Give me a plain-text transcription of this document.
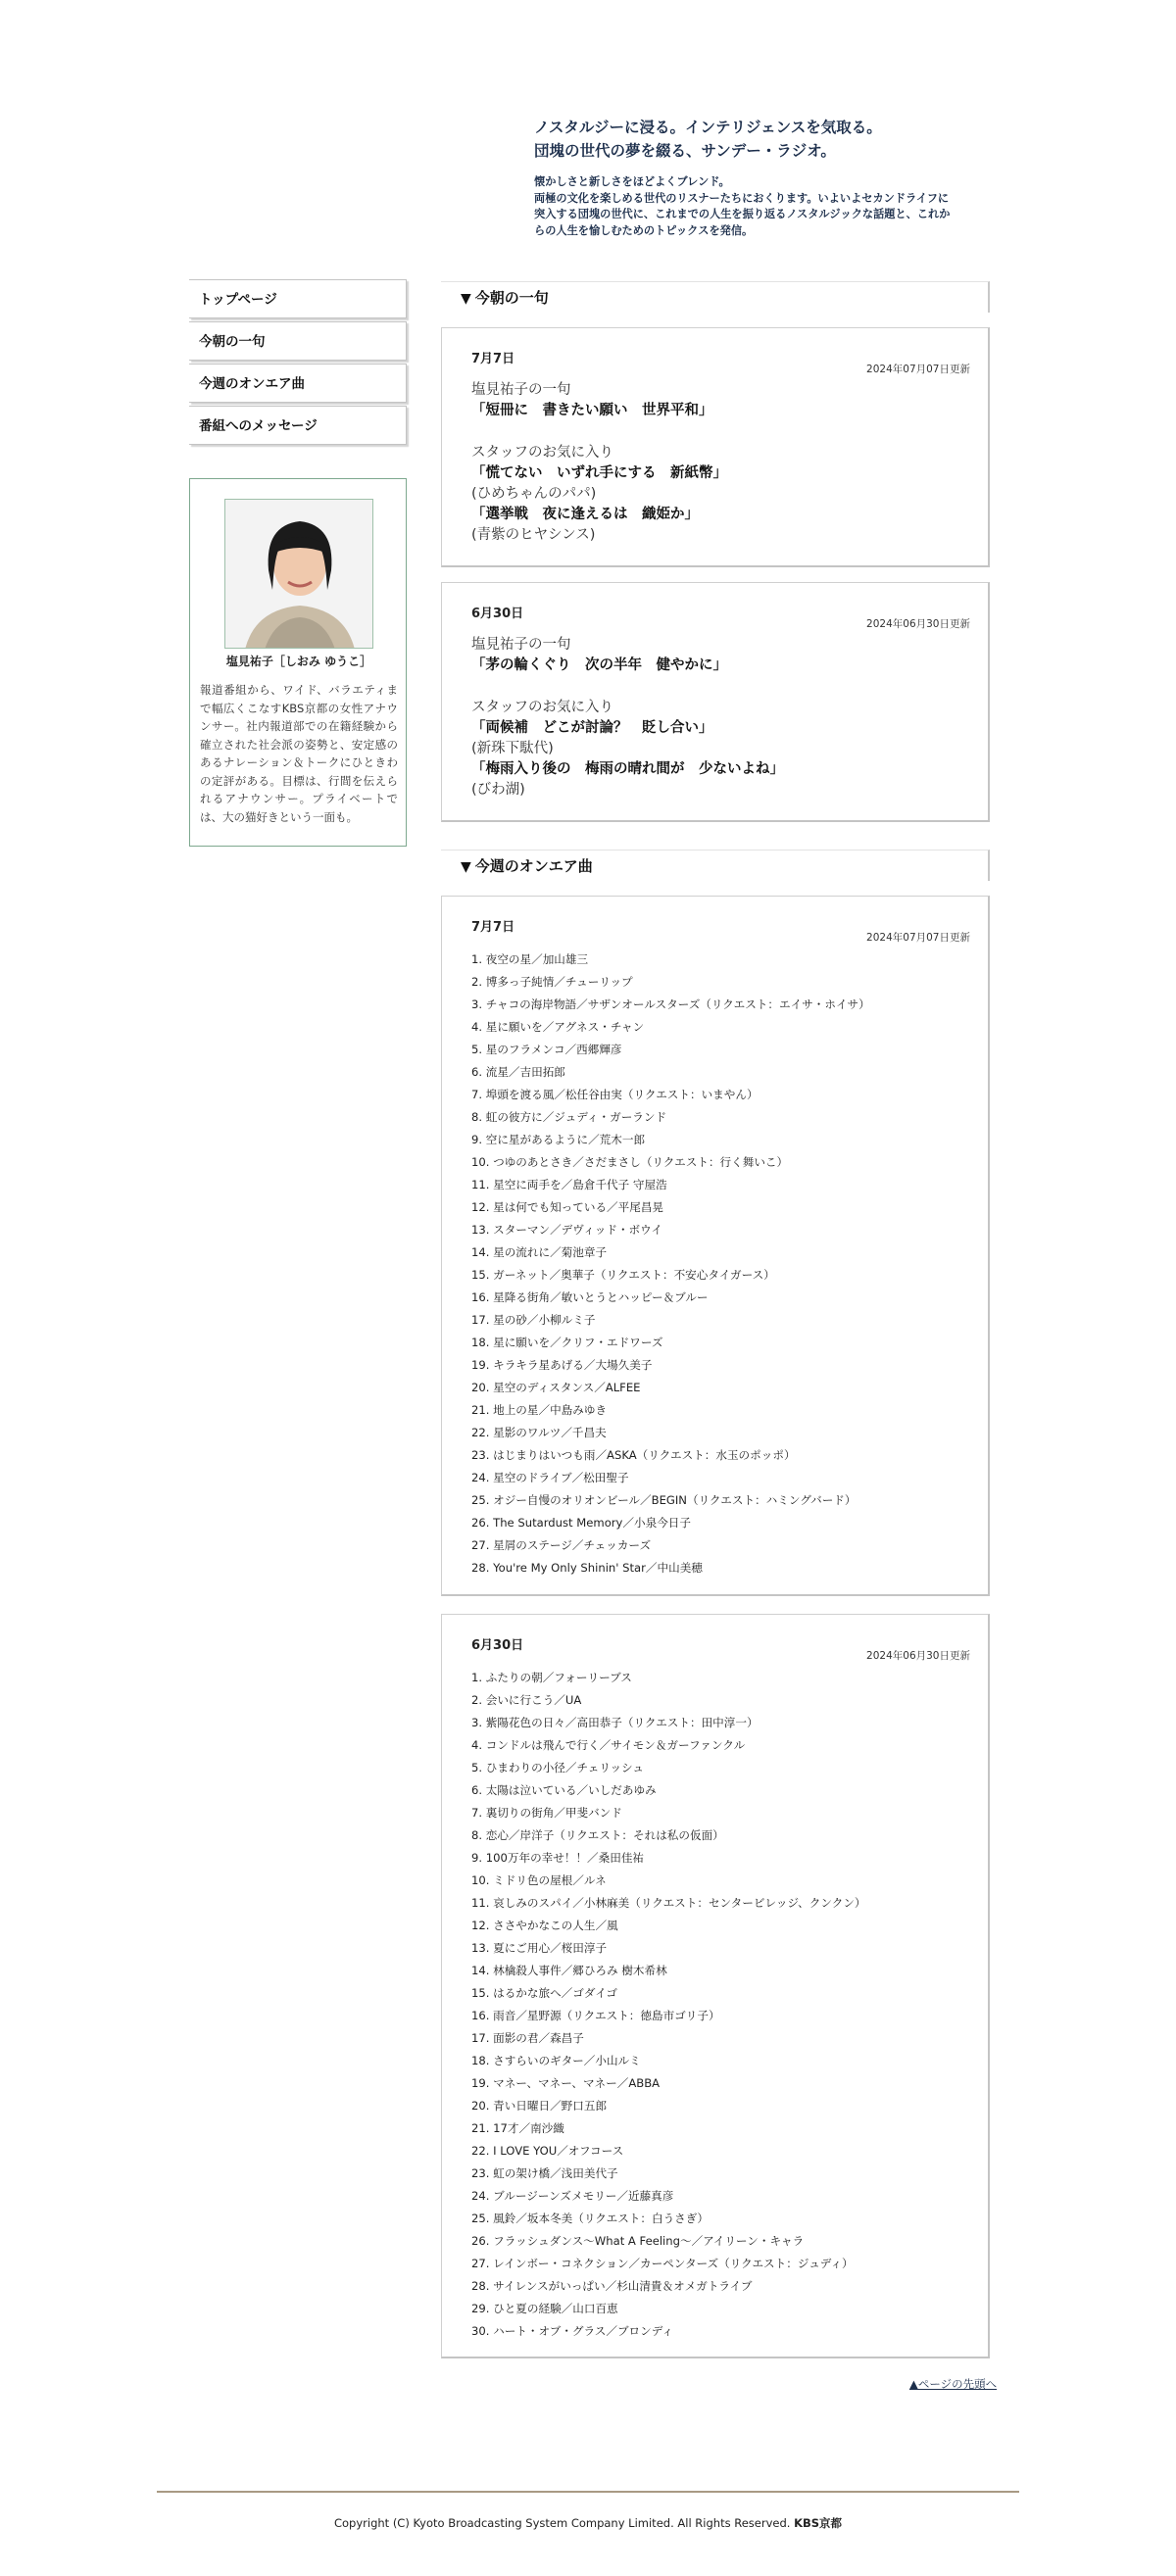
ノスタルジーに浸る。インテリジェンスを気取る。
団塊の世代の夢を綴る、サンデー・ラジオ。
懐かしさと新しさをほどよくブレンド。
両極の文化を楽しめる世代のリスナーたちにおくります。いよいよセカンドライフに
突入する団塊の世代に、これまでの人生を振り返るノスタルジックな話題と、これか
らの人生を愉しむためのトピックスを発信。
トップページ
今朝の一句
今週のオンエア曲
番組へのメッセージ
塩見祐子［しおみ ゆうこ］
報道番組から、ワイド、バラエティまで幅広くこなすKBS京都の女性アナウンサー。社内報道部での在籍経験から確立された社会派の姿勢と、安定感のあるナレーション＆トークにひときわの定評がある。目標は、行間を伝えられるアナウンサー。プライベートでは、大の猫好きという一面も。
▼ 今朝の一句
7月7日
2024年07月07日更新
塩見祐子の一句
「短冊に　書きたい願い　世界平和」
スタッフのお気に入り
「慌てない　いずれ手にする　新紙幣」
(ひめちゃんのパパ)
「選挙戦　夜に逢えるは　織姫か」
(青紫のヒヤシンス)
6月30日
2024年06月30日更新
塩見祐子の一句
「茅の輪くぐり　次の半年　健やかに」
スタッフのお気に入り
「両候補　どこが討論？　貶し合い」
(新珠下駄代)
「梅雨入り後の　梅雨の晴れ間が　少ないよね」
(びわ湖)
▼ 今週のオンエア曲
7月7日
2024年07月07日更新
1. 夜空の星／加山雄三
2. 博多っ子純情／チューリップ
3. チャコの海岸物語／サザンオールスターズ（リクエスト：エイサ・ホイサ）
4. 星に願いを／アグネス・チャン
5. 星のフラメンコ／西郷輝彦
6. 流星／吉田拓郎
7. 埠頭を渡る風／松任谷由実（リクエスト：いまやん）
8. 虹の彼方に／ジュディ・ガーランド
9. 空に星があるように／荒木一郎
10. つゆのあとさき／さだまさし（リクエスト：行く舞いこ）
11. 星空に両手を／島倉千代子 守屋浩
12. 星は何でも知っている／平尾昌晃
13. スターマン／デヴィッド・ボウイ
14. 星の流れに／菊池章子
15. ガーネット／奥華子（リクエスト：不安心タイガース）
16. 星降る街角／敏いとうとハッピー＆ブルー
17. 星の砂／小柳ルミ子
18. 星に願いを／クリフ・エドワーズ
19. キラキラ星あげる／大場久美子
20. 星空のディスタンス／ALFEE
21. 地上の星／中島みゆき
22. 星影のワルツ／千昌夫
23. はじまりはいつも雨／ASKA（リクエスト：水玉のポッポ）
24. 星空のドライブ／松田聖子
25. オジー自慢のオリオンビール／BEGIN（リクエスト：ハミングバード）
26. The Sutardust Memory／小泉今日子
27. 星屑のステージ／チェッカーズ
28. You're My Only Shinin' Star／中山美穂
6月30日
2024年06月30日更新
1. ふたりの朝／フォーリーブス
2. 会いに行こう／UA
3. 紫陽花色の日々／高田恭子（リクエスト：田中淳一）
4. コンドルは飛んで行く／サイモン＆ガーファンクル
5. ひまわりの小径／チェリッシュ
6. 太陽は泣いている／いしだあゆみ
7. 裏切りの街角／甲斐バンド
8. 恋心／岸洋子（リクエスト：それは私の仮面）
9. 100万年の幸せ！！／桑田佳祐
10. ミドリ色の屋根／ルネ
11. 哀しみのスパイ／小林麻美（リクエスト：センタービレッジ、クンクン）
12. ささやかなこの人生／風
13. 夏にご用心／桜田淳子
14. 林檎殺人事件／郷ひろみ 樹木希林
15. はるかな旅へ／ゴダイゴ
16. 雨音／星野源（リクエスト：徳島市ゴリ子）
17. 面影の君／森昌子
18. さすらいのギター／小山ルミ
19. マネー、マネー、マネー／ABBA
20. 青い日曜日／野口五郎
21. 17才／南沙織
22. I LOVE YOU／オフコース
23. 虹の架け橋／浅田美代子
24. ブルージーンズメモリー／近藤真彦
25. 風鈴／坂本冬美（リクエスト：白うさぎ）
26. フラッシュダンス〜What A Feeling〜／アイリーン・キャラ
27. レインボー・コネクション／カーペンターズ（リクエスト：ジュディ）
28. サイレンスがいっぱい／杉山清貴＆オメガトライブ
29. ひと夏の経験／山口百恵
30. ハート・オブ・グラス／ブロンディ
▲ページの先頭へ
Copyright (C) Kyoto Broadcasting System Company Limited. All Rights Reserved. KBS京都
